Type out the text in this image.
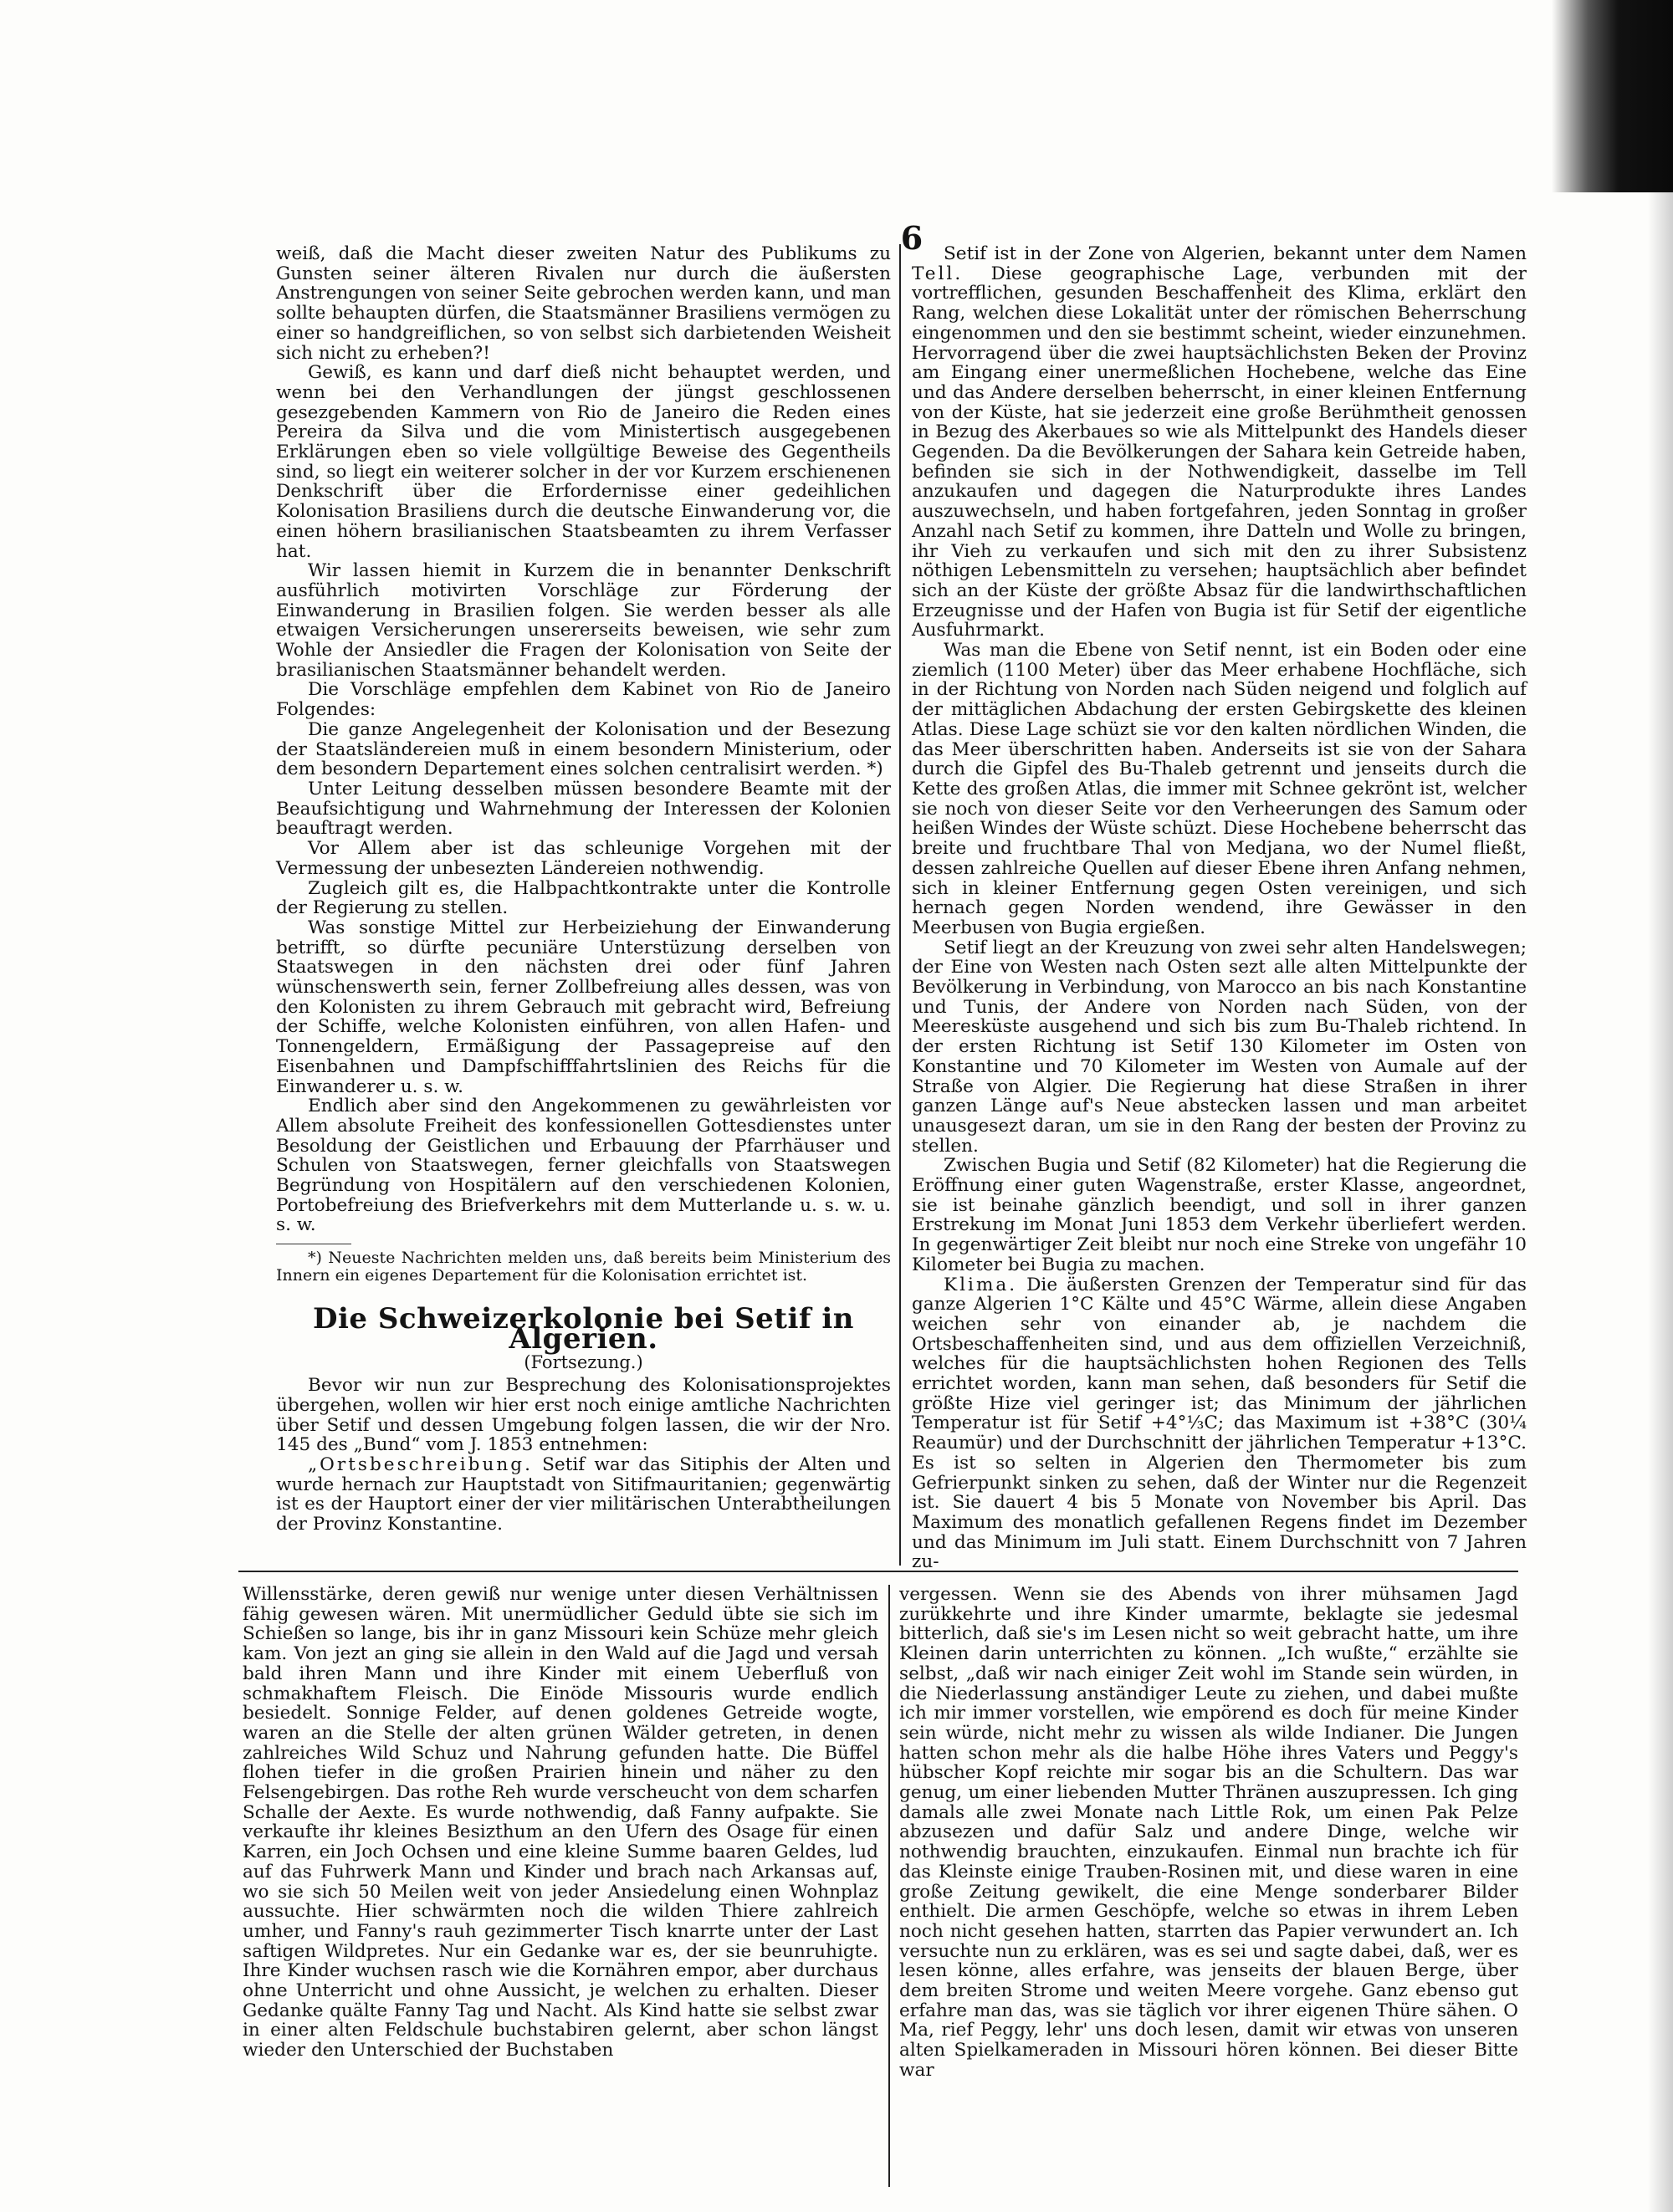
6

weiß, daß die Macht dieser zweiten Natur des Publikums zu Gunsten seiner älteren Rivalen nur durch die äußersten Anstrengungen von seiner Seite gebrochen werden kann, und man sollte behaupten dürfen, die Staatsmänner Brasiliens vermögen zu einer so handgreiflichen, so von selbst sich darbietenden Weisheit sich nicht zu erheben?!

Gewiß, es kann und darf dieß nicht behauptet werden, und wenn bei den Verhandlungen der jüngst geschlossenen gesezgebenden Kammern von Rio de Janeiro die Reden eines Pereira da Silva und die vom Ministertisch ausgegebenen Erklärungen eben so viele vollgültige Beweise des Gegentheils sind, so liegt ein weiterer solcher in der vor Kurzem erschienenen Denkschrift über die Erfordernisse einer gedeihlichen Kolonisation Brasiliens durch die deutsche Einwanderung vor, die einen höhern brasilianischen Staatsbeamten zu ihrem Verfasser hat.

Wir lassen hiemit in Kurzem die in benannter Denkschrift ausführlich motivirten Vorschläge zur Förderung der Einwanderung in Brasilien folgen. Sie werden besser als alle etwaigen Versicherungen unsererseits beweisen, wie sehr zum Wohle der Ansiedler die Fragen der Kolonisation von Seite der brasilianischen Staatsmänner behandelt werden.

Die Vorschläge empfehlen dem Kabinet von Rio de Janeiro Folgendes:

Die ganze Angelegenheit der Kolonisation und der Besezung der Staatsländereien muß in einem besondern Ministerium, oder dem besondern Departement eines solchen centralisirt werden. *)

Unter Leitung desselben müssen besondere Beamte mit der Beaufsichtigung und Wahrnehmung der Interessen der Kolonien beauftragt werden.

Vor Allem aber ist das schleunige Vorgehen mit der Vermessung der unbesezten Ländereien nothwendig.

Zugleich gilt es, die Halbpachtkontrakte unter die Kontrolle der Regierung zu stellen.

Was sonstige Mittel zur Herbeiziehung der Einwanderung betrifft, so dürfte pecuniäre Unterstüzung derselben von Staatswegen in den nächsten drei oder fünf Jahren wünschenswerth sein, ferner Zollbefreiung alles dessen, was von den Kolonisten zu ihrem Gebrauch mit gebracht wird, Befreiung der Schiffe, welche Kolonisten einführen, von allen Hafen- und Tonnengeldern, Ermäßigung der Passagepreise auf den Eisenbahnen und Dampfschifffahrtslinien des Reichs für die Einwanderer u. s. w.

Endlich aber sind den Angekommenen zu gewährleisten vor Allem absolute Freiheit des konfessionellen Gottesdienstes unter Besoldung der Geistlichen und Erbauung der Pfarrhäuser und Schulen von Staatswegen, ferner gleichfalls von Staatswegen Begründung von Hospitälern auf den verschiedenen Kolonien, Portobefreiung des Briefverkehrs mit dem Mutterlande u. s. w. u. s. w.

*) Neueste Nachrichten melden uns, daß bereits beim Ministerium des Innern ein eigenes Departement für die Kolonisation errichtet ist.

Die Schweizerkolonie bei Setif in Algerien.
(Fortsezung.)

Bevor wir nun zur Besprechung des Kolonisationsprojektes übergehen, wollen wir hier erst noch einige amtliche Nachrichten über Setif und dessen Umgebung folgen lassen, die wir der Nro. 145 des „Bund“ vom J. 1853 entnehmen:

„Ortsbeschreibung. Setif war das Sitiphis der Alten und wurde hernach zur Hauptstadt von Sitifmauritanien; gegenwärtig ist es der Hauptort einer der vier militärischen Unterabtheilungen der Provinz Konstantine.

Setif ist in der Zone von Algerien, bekannt unter dem Namen Tell. Diese geographische Lage, verbunden mit der vortrefflichen, gesunden Beschaffenheit des Klima, erklärt den Rang, welchen diese Lokalität unter der römischen Beherrschung eingenommen und den sie bestimmt scheint, wieder einzunehmen. Hervorragend über die zwei hauptsächlichsten Beken der Provinz am Eingang einer unermeßlichen Hochebene, welche das Eine und das Andere derselben beherrscht, in einer kleinen Entfernung von der Küste, hat sie jederzeit eine große Berühmtheit genossen in Bezug des Akerbaues so wie als Mittelpunkt des Handels dieser Gegenden. Da die Bevölkerungen der Sahara kein Getreide haben, befinden sie sich in der Nothwendigkeit, dasselbe im Tell anzukaufen und dagegen die Naturprodukte ihres Landes auszuwechseln, und haben fortgefahren, jeden Sonntag in großer Anzahl nach Setif zu kommen, ihre Datteln und Wolle zu bringen, ihr Vieh zu verkaufen und sich mit den zu ihrer Subsistenz nöthigen Lebensmitteln zu versehen; hauptsächlich aber befindet sich an der Küste der größte Absaz für die landwirthschaftlichen Erzeugnisse und der Hafen von Bugia ist für Setif der eigentliche Ausfuhrmarkt.

Was man die Ebene von Setif nennt, ist ein Boden oder eine ziemlich (1100 Meter) über das Meer erhabene Hochfläche, sich in der Richtung von Norden nach Süden neigend und folglich auf der mittäglichen Abdachung der ersten Gebirgskette des kleinen Atlas. Diese Lage schüzt sie vor den kalten nördlichen Winden, die das Meer überschritten haben. Anderseits ist sie von der Sahara durch die Gipfel des Bu-Thaleb getrennt und jenseits durch die Kette des großen Atlas, die immer mit Schnee gekrönt ist, welcher sie noch von dieser Seite vor den Verheerungen des Samum oder heißen Windes der Wüste schüzt. Diese Hochebene beherrscht das breite und fruchtbare Thal von Medjana, wo der Numel fließt, dessen zahlreiche Quellen auf dieser Ebene ihren Anfang nehmen, sich in kleiner Entfernung gegen Osten vereinigen, und sich hernach gegen Norden wendend, ihre Gewässer in den Meerbusen von Bugia ergießen.

Setif liegt an der Kreuzung von zwei sehr alten Handelswegen; der Eine von Westen nach Osten sezt alle alten Mittelpunkte der Bevölkerung in Verbindung, von Marocco an bis nach Konstantine und Tunis, der Andere von Norden nach Süden, von der Meeresküste ausgehend und sich bis zum Bu-Thaleb richtend. In der ersten Richtung ist Setif 130 Kilometer im Osten von Konstantine und 70 Kilometer im Westen von Aumale auf der Straße von Algier. Die Regierung hat diese Straßen in ihrer ganzen Länge auf's Neue abstecken lassen und man arbeitet unausgesezt daran, um sie in den Rang der besten der Provinz zu stellen.

Zwischen Bugia und Setif (82 Kilometer) hat die Regierung die Eröffnung einer guten Wagenstraße, erster Klasse, angeordnet, sie ist beinahe gänzlich beendigt, und soll in ihrer ganzen Erstrekung im Monat Juni 1853 dem Verkehr überliefert werden. In gegenwärtiger Zeit bleibt nur noch eine Streke von ungefähr 10 Kilometer bei Bugia zu machen.

Klima. Die äußersten Grenzen der Temperatur sind für das ganze Algerien 1°C Kälte und 45°C Wärme, allein diese Angaben weichen sehr von einander ab, je nachdem die Ortsbeschaffenheiten sind, und aus dem offiziellen Verzeichniß, welches für die hauptsächlichsten hohen Regionen des Tells errichtet worden, kann man sehen, daß besonders für Setif die größte Hize viel geringer ist; das Minimum der jährlichen Temperatur ist für Setif +4°⅓C; das Maximum ist +38°C (30¼ Reaumür) und der Durchschnitt der jährlichen Temperatur +13°C. Es ist so selten in Algerien den Thermometer bis zum Gefrierpunkt sinken zu sehen, daß der Winter nur die Regenzeit ist. Sie dauert 4 bis 5 Monate von November bis April. Das Maximum des monatlich gefallenen Regens findet im Dezember und das Minimum im Juli statt. Einem Durchschnitt von 7 Jahren zu-

Willensstärke, deren gewiß nur wenige unter diesen Verhältnissen fähig gewesen wären. Mit unermüdlicher Geduld übte sie sich im Schießen so lange, bis ihr in ganz Missouri kein Schüze mehr gleich kam. Von jezt an ging sie allein in den Wald auf die Jagd und versah bald ihren Mann und ihre Kinder mit einem Ueberfluß von schmakhaftem Fleisch. Die Einöde Missouris wurde endlich besiedelt. Sonnige Felder, auf denen goldenes Getreide wogte, waren an die Stelle der alten grünen Wälder getreten, in denen zahlreiches Wild Schuz und Nahrung gefunden hatte. Die Büffel flohen tiefer in die großen Prairien hinein und näher zu den Felsengebirgen. Das rothe Reh wurde verscheucht von dem scharfen Schalle der Aexte. Es wurde nothwendig, daß Fanny aufpakte. Sie verkaufte ihr kleines Besizthum an den Ufern des Osage für einen Karren, ein Joch Ochsen und eine kleine Summe baaren Geldes, lud auf das Fuhrwerk Mann und Kinder und brach nach Arkansas auf, wo sie sich 50 Meilen weit von jeder Ansiedelung einen Wohnplaz aussuchte. Hier schwärmten noch die wilden Thiere zahlreich umher, und Fanny's rauh gezimmerter Tisch knarrte unter der Last saftigen Wildpretes. Nur ein Gedanke war es, der sie beunruhigte. Ihre Kinder wuchsen rasch wie die Kornähren empor, aber durchaus ohne Unterricht und ohne Aussicht, je welchen zu erhalten. Dieser Gedanke quälte Fanny Tag und Nacht. Als Kind hatte sie selbst zwar in einer alten Feldschule buchstabiren gelernt, aber schon längst wieder den Unterschied der Buchstaben

vergessen. Wenn sie des Abends von ihrer mühsamen Jagd zurükkehrte und ihre Kinder umarmte, beklagte sie jedesmal bitterlich, daß sie's im Lesen nicht so weit gebracht hatte, um ihre Kleinen darin unterrichten zu können. „Ich wußte,“ erzählte sie selbst, „daß wir nach einiger Zeit wohl im Stande sein würden, in die Niederlassung anständiger Leute zu ziehen, und dabei mußte ich mir immer vorstellen, wie empörend es doch für meine Kinder sein würde, nicht mehr zu wissen als wilde Indianer. Die Jungen hatten schon mehr als die halbe Höhe ihres Vaters und Peggy's hübscher Kopf reichte mir sogar bis an die Schultern. Das war genug, um einer liebenden Mutter Thränen auszupressen. Ich ging damals alle zwei Monate nach Little Rok, um einen Pak Pelze abzusezen und dafür Salz und andere Dinge, welche wir nothwendig brauchten, einzukaufen. Einmal nun brachte ich für das Kleinste einige Trauben-Rosinen mit, und diese waren in eine große Zeitung gewikelt, die eine Menge sonderbarer Bilder enthielt. Die armen Geschöpfe, welche so etwas in ihrem Leben noch nicht gesehen hatten, starrten das Papier verwundert an. Ich versuchte nun zu erklären, was es sei und sagte dabei, daß, wer es lesen könne, alles erfahre, was jenseits der blauen Berge, über dem breiten Strome und weiten Meere vorgehe. Ganz ebenso gut erfahre man das, was sie täglich vor ihrer eigenen Thüre sähen. O Ma, rief Peggy, lehr' uns doch lesen, damit wir etwas von unseren alten Spielkameraden in Missouri hören können. Bei dieser Bitte war
